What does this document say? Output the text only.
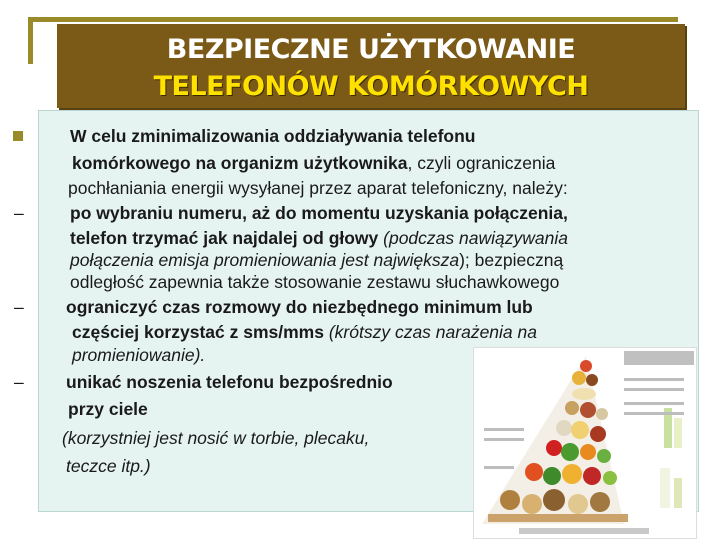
BEZPIECZNE UŻYTKOWANIE
TELEFONÓW KOMÓRKOWYCH
W celu zminimalizowania oddziaływania telefonu
komórkowego na organizm użytkownika, czyli ograniczenia
pochłaniania energii wysyłanej przez aparat telefoniczny, należy:
–	po wybraniu numeru, aż do momentu uzyskania połączenia,
telefon trzymać jak najdalej od głowy (podczas nawiązywania
połączenia emisja promieniowania jest największa); bezpieczną
odległość zapewnia także stosowanie zestawu słuchawkowego
– ograniczyć czas rozmowy do niezbędnego minimum lub
częściej korzystać z sms/mms (krótszy czas narażenia na
promieniowanie).
– unikać noszenia telefonu bezpośrednio
przy ciele
(korzystniej jest nosić w torbie, plecaku,
teczce itp.)
